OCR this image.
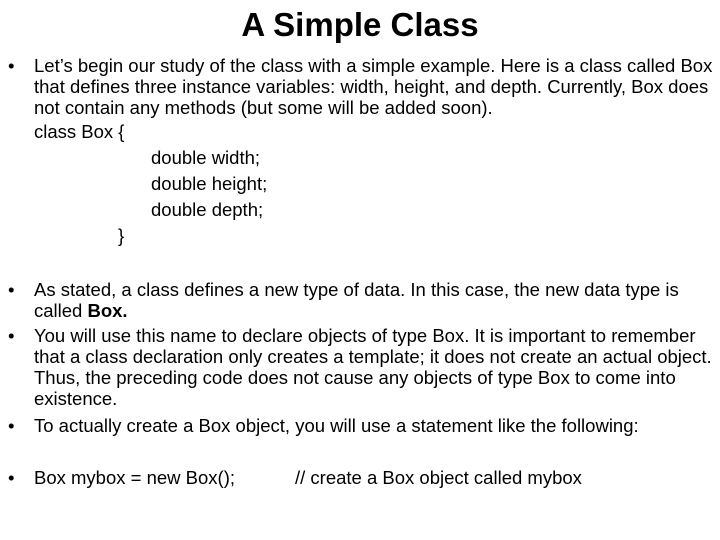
A Simple Class
•	Let’s begin our study of the class with a simple example. Here is a class called Box that defines three instance variables: width, height, and depth. Currently, Box does not contain any methods (but some will be added soon).
class Box {
double width;
double height;
double depth;
}
•	As stated, a class defines a new type of data. In this case, the new data type is called Box.
•	You will use this name to declare objects of type Box. It is important to remember that a class declaration only creates a template; it does not create an actual object. Thus, the preceding code does not cause any objects of type Box to come into existence.
•	To actually create a Box object, you will use a statement like the following:
•	Box mybox = new Box();	// create a Box object called mybox
